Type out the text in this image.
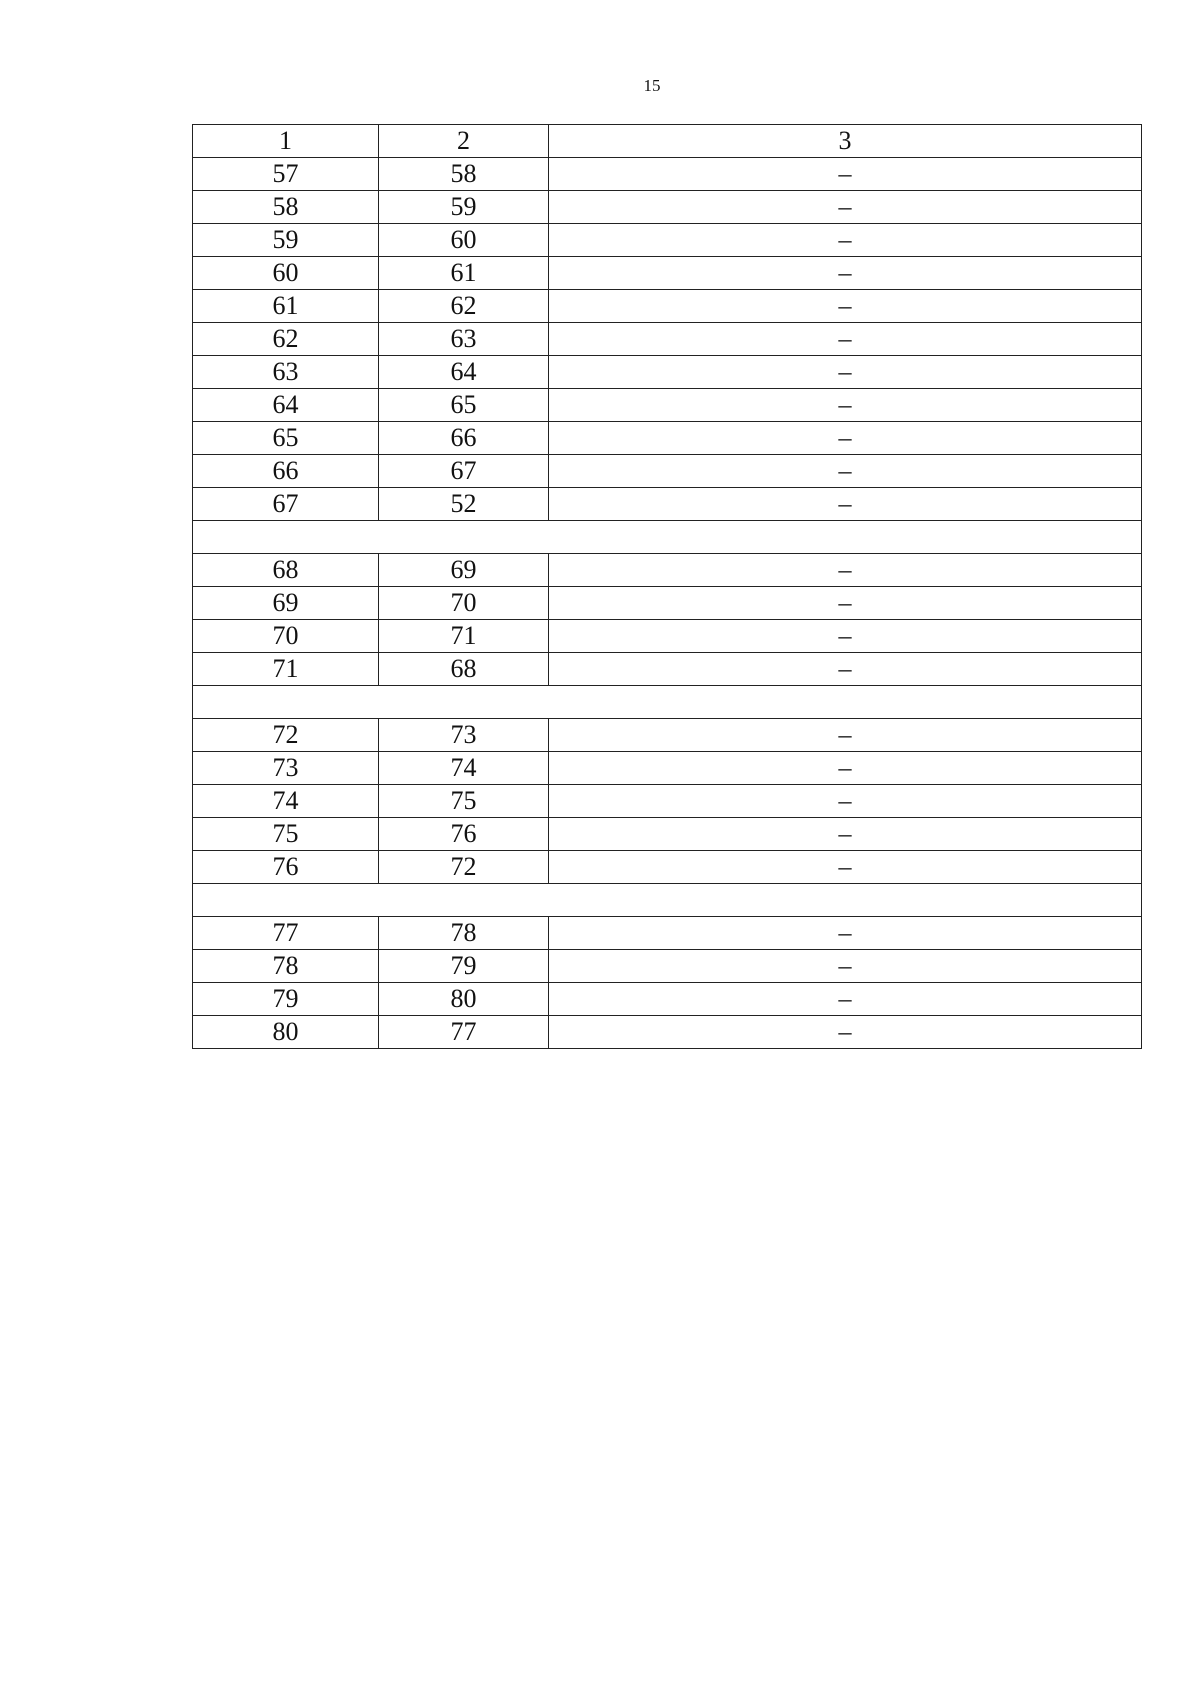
15
1	2	3
57	58	–
58	59	–
59	60	–
60	61	–
61	62	–
62	63	–
63	64	–
64	65	–
65	66	–
66	67	–
67	52	–

68	69	–
69	70	–
70	71	–
71	68	–

72	73	–
73	74	–
74	75	–
75	76	–
76	72	–

77	78	–
78	79	–
79	80	–
80	77	–
